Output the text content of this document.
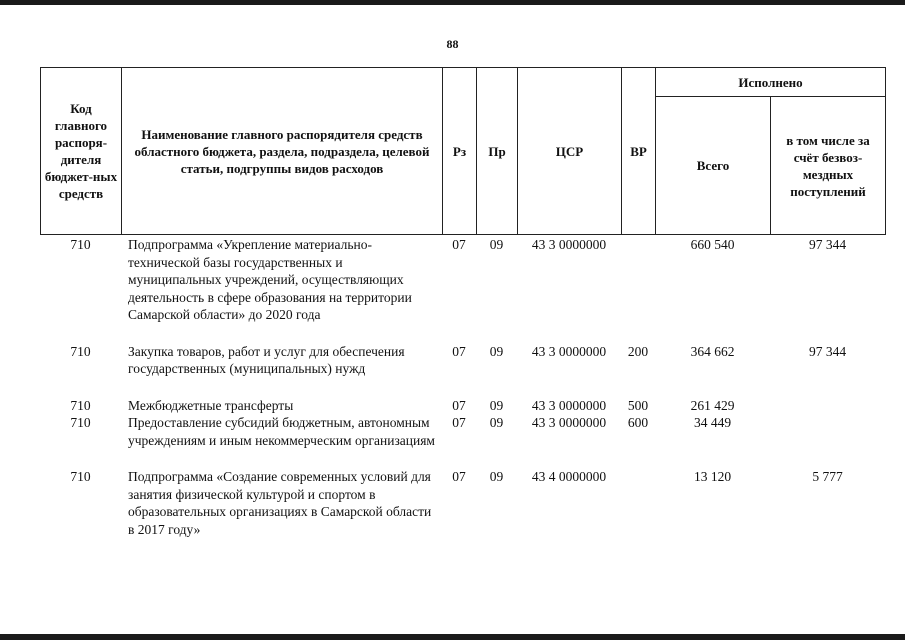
88
Код главного распоря-дителя бюджет-ных средств	Наименование главного распорядителя средств областного бюджета, раздела, подраздела, целевой статьи, подгруппы видов расходов	Рз	Пр	ЦСР	ВР	Исполнено	
						Всего	в том числе за счёт безвоз-мездных поступлений
710	Подпрограмма «Укрепление материально-технической базы государственных и муниципальных учреждений, осуществляющих деятельность в сфере образования на территории Самарской области» до 2020 года	07	09	43 3 0000000		660 540	97 344
710	Закупка товаров, работ и услуг для обеспечения государственных (муниципальных) нужд	07	09	43 3 0000000	200	364 662	97 344
710	Межбюджетные трансферты	07	09	43 3 0000000	500	261 429	
710	Предоставление субсидий бюджетным, автономным учреждениям и иным некоммерческим организациям	07	09	43 3 0000000	600	34 449	
710	Подпрограмма «Создание современных условий для занятия физической культурой и спортом в образовательных организациях в Самарской области в 2017 году»	07	09	43 4 0000000		13 120	5 777
